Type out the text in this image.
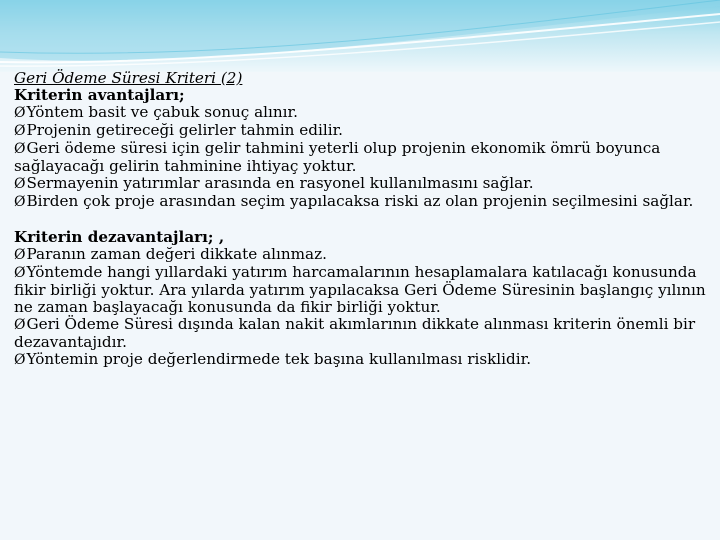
Geri Ödeme Süresi Kriteri (2)

Kriterin avantajları;

ØYöntem basit ve çabuk sonuç alınır.

ØProjenin getireceği gelirler tahmin edilir.

ØGeri ödeme süresi için gelir tahmini yeterli olup projenin ekonomik ömrü boyunca sağlayacağı gelirin tahminine ihtiyaç yoktur.

ØSermayenin yatırımlar arasında en rasyonel kullanılmasını sağlar.

ØBirden çok proje arasından seçim yapılacaksa riski az olan projenin seçilmesini sağlar.

Kriterin dezavantajları; ,

ØParanın zaman değeri dikkate alınmaz.

ØYöntemde hangi yıllardaki yatırım harcamalarının hesaplamalara katılacağı konusunda fikir birliği yoktur. Ara yılarda yatırım yapılacaksa Geri Ödeme Süresinin başlangıç yılının ne zaman başlayacağı konusunda da fikir birliği yoktur.

ØGeri Ödeme Süresi dışında kalan nakit akımlarının dikkate alınması kriterin önemli bir dezavantajıdır.

ØYöntemin proje değerlendirmede tek başına kullanılması risklidir.
